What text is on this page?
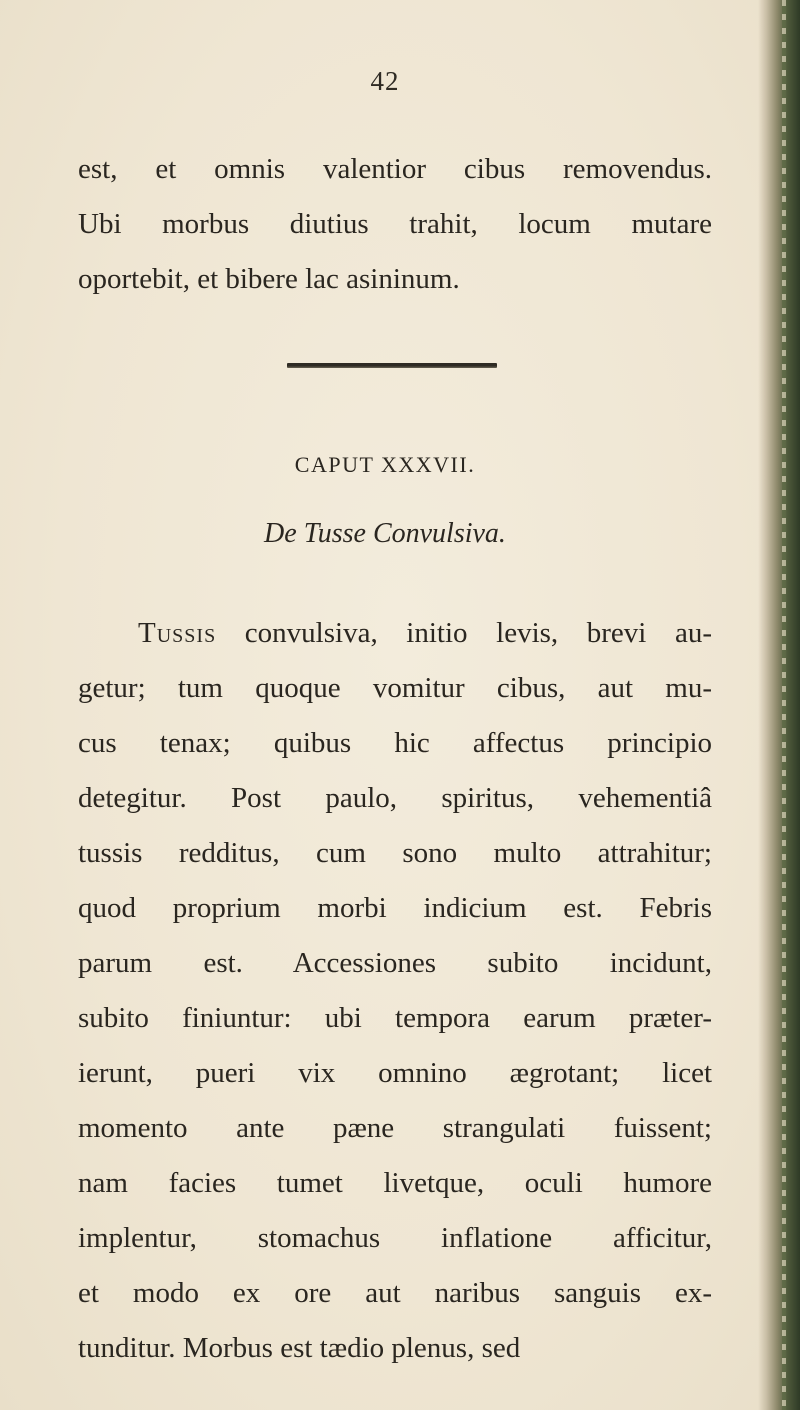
42
est, et omnis valentior cibus removendus.
Ubi morbus diutius trahit, locum mutare
oportebit, et bibere lac asininum.
CAPUT XXXVII.
De Tusse Convulsiva.
Tussis convulsiva, initio levis, brevi au-
getur; tum quoque vomitur cibus, aut mu-
cus tenax; quibus hic affectus principio
detegitur. Post paulo, spiritus, vehementiâ
tussis redditus, cum sono multo attrahitur;
quod proprium morbi indicium est. Febris
parum est. Accessiones subito incidunt,
subito finiuntur: ubi tempora earum præter-
ierunt, pueri vix omnino ægrotant; licet
momento ante pæne strangulati fuissent;
nam facies tumet livetque, oculi humore
implentur, stomachus inflatione afficitur,
et modo ex ore aut naribus sanguis ex-
tunditur. Morbus est tædio plenus, sed
